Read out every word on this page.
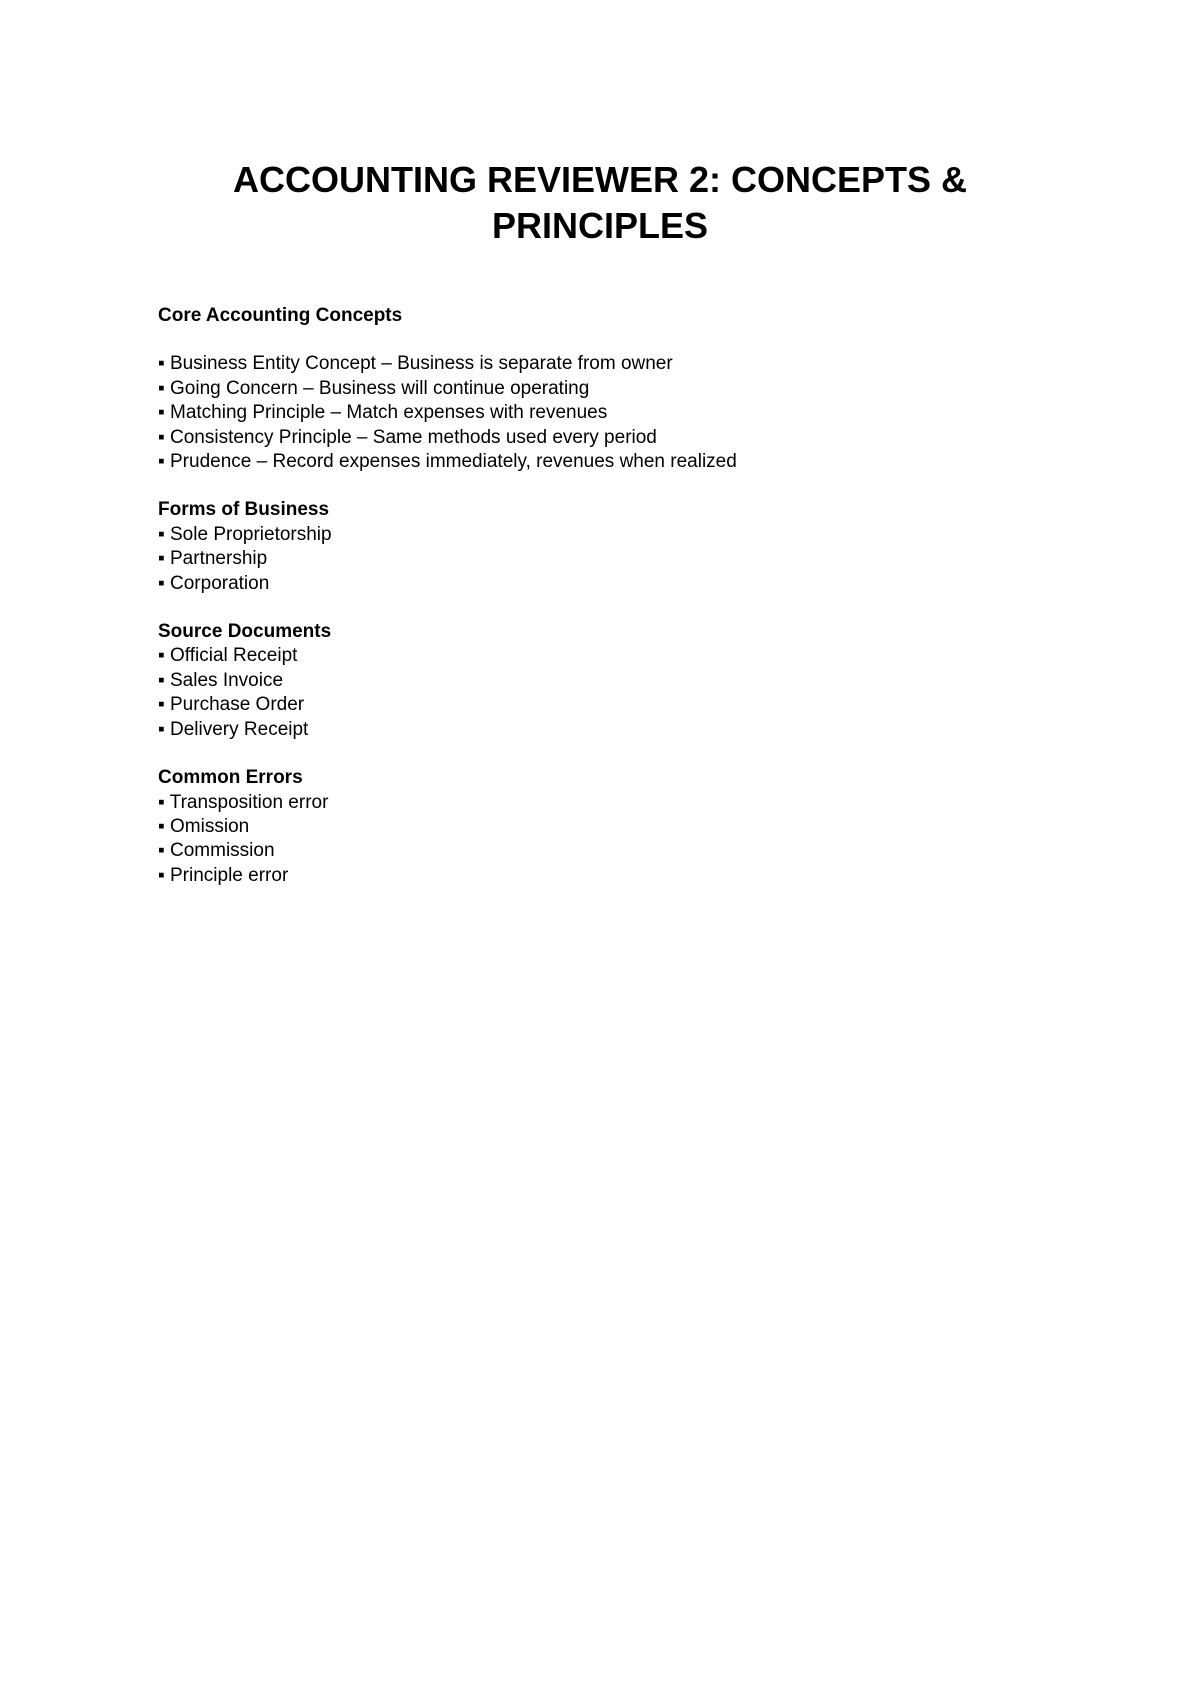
ACCOUNTING REVIEWER 2: CONCEPTS & PRINCIPLES

Core Accounting Concepts

▪ Business Entity Concept – Business is separate from owner
▪ Going Concern – Business will continue operating
▪ Matching Principle – Match expenses with revenues
▪ Consistency Principle – Same methods used every period
▪ Prudence – Record expenses immediately, revenues when realized

Forms of Business

▪ Sole Proprietorship
▪ Partnership
▪ Corporation

Source Documents

▪ Official Receipt
▪ Sales Invoice
▪ Purchase Order
▪ Delivery Receipt

Common Errors

▪ Transposition error
▪ Omission
▪ Commission
▪ Principle error
